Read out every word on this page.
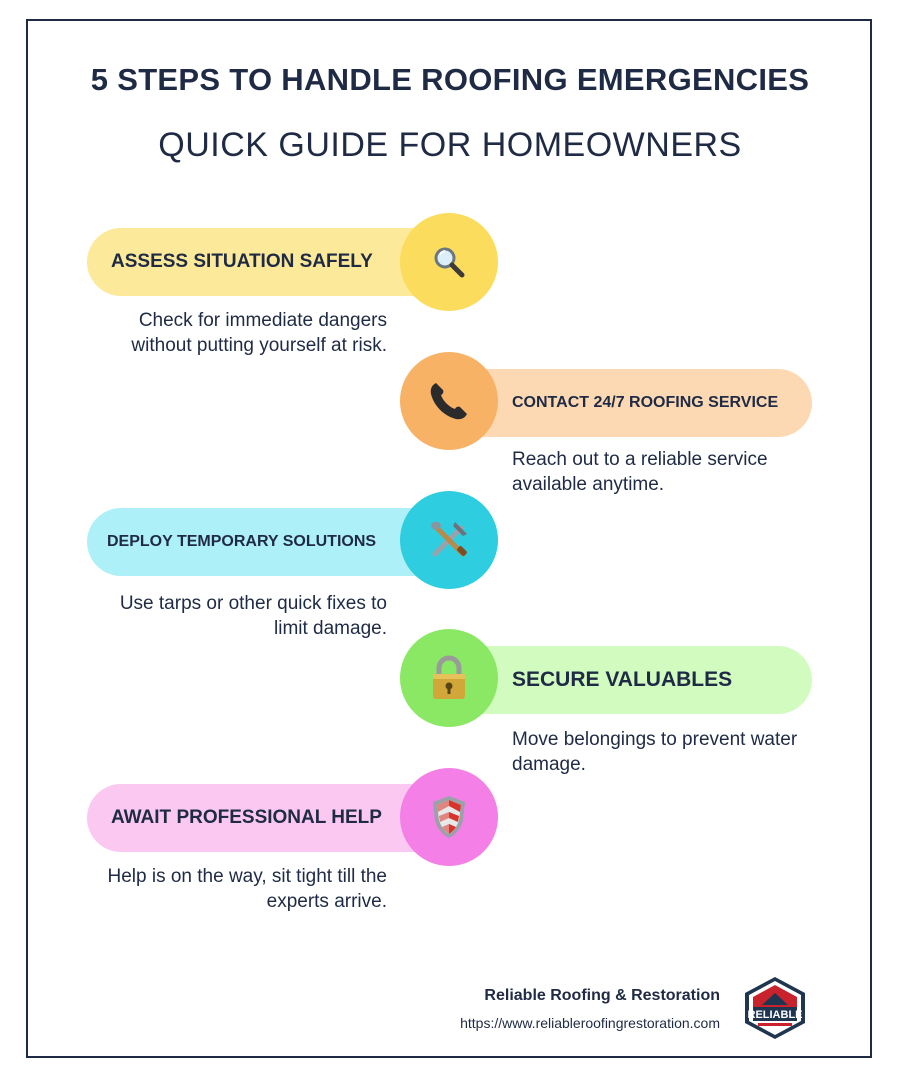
5 STEPS TO HANDLE ROOFING EMERGENCIES
QUICK GUIDE FOR HOMEOWNERS
ASSESS SITUATION SAFELY
Check for immediate dangers without putting yourself at risk.
CONTACT 24/7 ROOFING SERVICE
Reach out to a reliable service available anytime.
DEPLOY TEMPORARY SOLUTIONS
Use tarps or other quick fixes to limit damage.
SECURE VALUABLES
Move belongings to prevent water damage.
AWAIT PROFESSIONAL HELP
Help is on the way, sit tight till the experts arrive.
Reliable Roofing & Restoration
https://www.reliableroofingrestoration.com	RELIABLE
